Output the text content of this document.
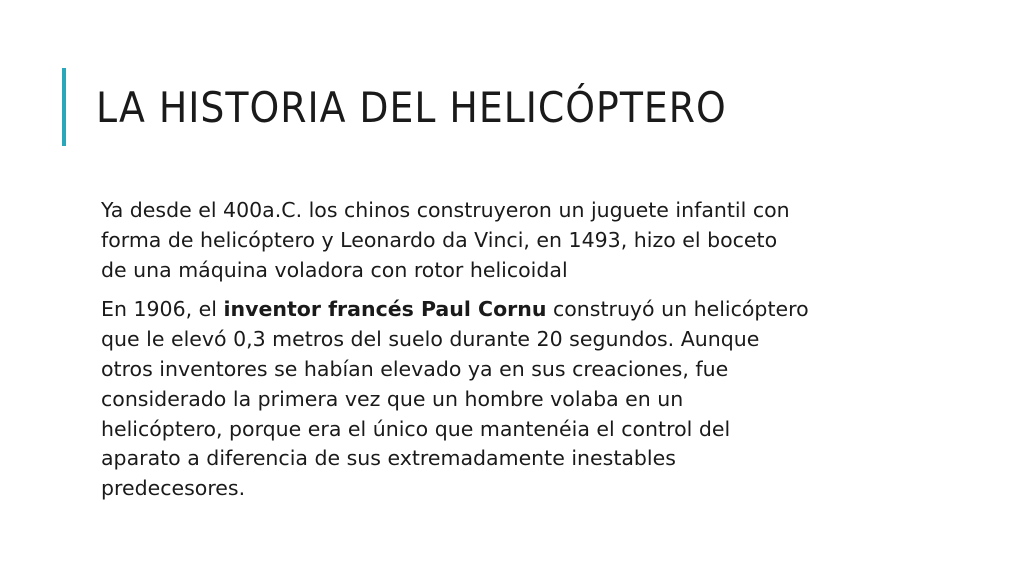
LA HISTORIA DEL HELICÓPTERO

Ya desde el 400a.C. los chinos construyeron un juguete infantil con
forma de helicóptero y Leonardo da Vinci, en 1493, hizo el boceto
de una máquina voladora con rotor helicoidal

En 1906, el inventor francés Paul Cornu construyó un helicóptero
que le elevó 0,3 metros del suelo durante 20 segundos. Aunque
otros inventores se habían elevado ya en sus creaciones, fue
considerado la primera vez que un hombre volaba en un
helicóptero, porque era el único que mantenéia el control del
aparato a diferencia de sus extremadamente inestables
predecesores.
